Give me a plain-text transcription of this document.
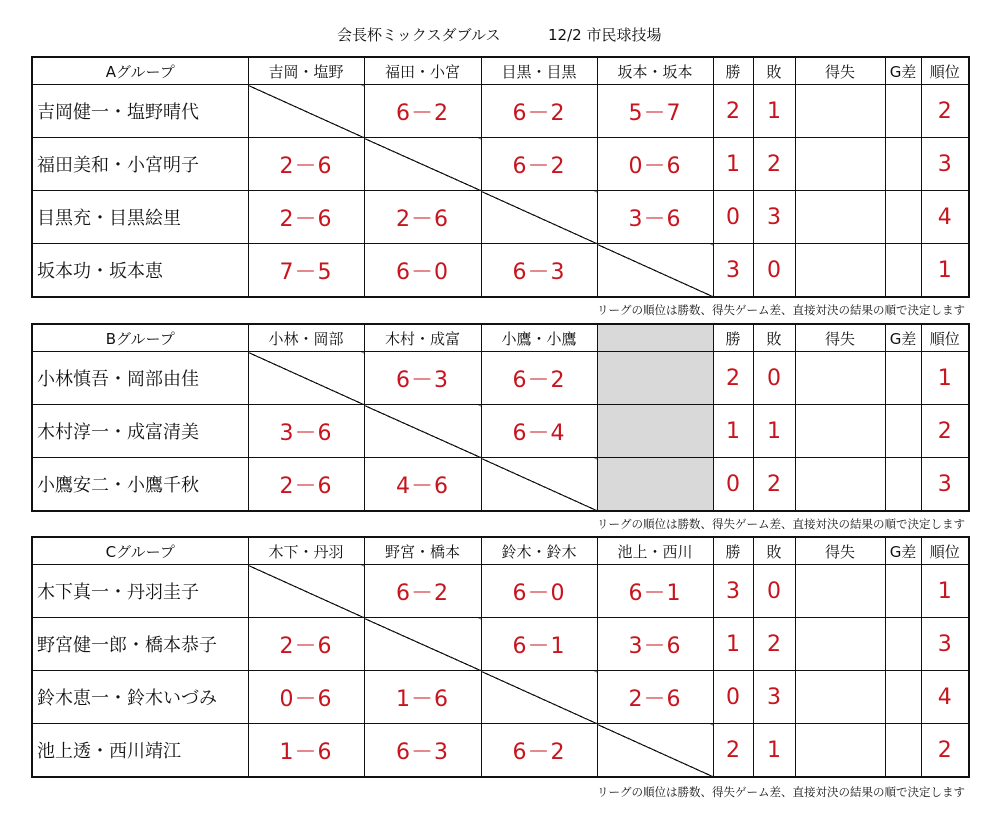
会長杯ミックスダブルス	12/2 市民球技場
Aグループ	吉岡・塩野	福田・小宮	目黒・目黒	坂本・坂本	勝	敗	得失	G差	順位
吉岡健一・塩野晴代		6－2	6－2	5－7	2	1			2
福田美和・小宮明子	2－6		6－2	0－6	1	2			3
目黒充・目黒絵里	2－6	2－6		3－6	0	3			4
坂本功・坂本恵	7－5	6－0	6－3		3	0			1
リーグの順位は勝数、得失ゲーム差、直接対決の結果の順で決定します
Bグループ	小林・岡部	木村・成富	小鷹・小鷹		勝	敗	得失	G差	順位
小林慎吾・岡部由佳		6－3	6－2		2	0			1
木村淳一・成富清美	3－6		6－4		1	1			2
小鷹安二・小鷹千秋	2－6	4－6			0	2			3
リーグの順位は勝数、得失ゲーム差、直接対決の結果の順で決定します
Cグループ	木下・丹羽	野宮・橋本	鈴木・鈴木	池上・西川	勝	敗	得失	G差	順位
木下真一・丹羽圭子		6－2	6－0	6－1	3	0			1
野宮健一郎・橋本恭子	2－6		6－1	3－6	1	2			3
鈴木恵一・鈴木いづみ	0－6	1－6		2－6	0	3			4
池上透・西川靖江	1－6	6－3	6－2		2	1			2
リーグの順位は勝数、得失ゲーム差、直接対決の結果の順で決定します
